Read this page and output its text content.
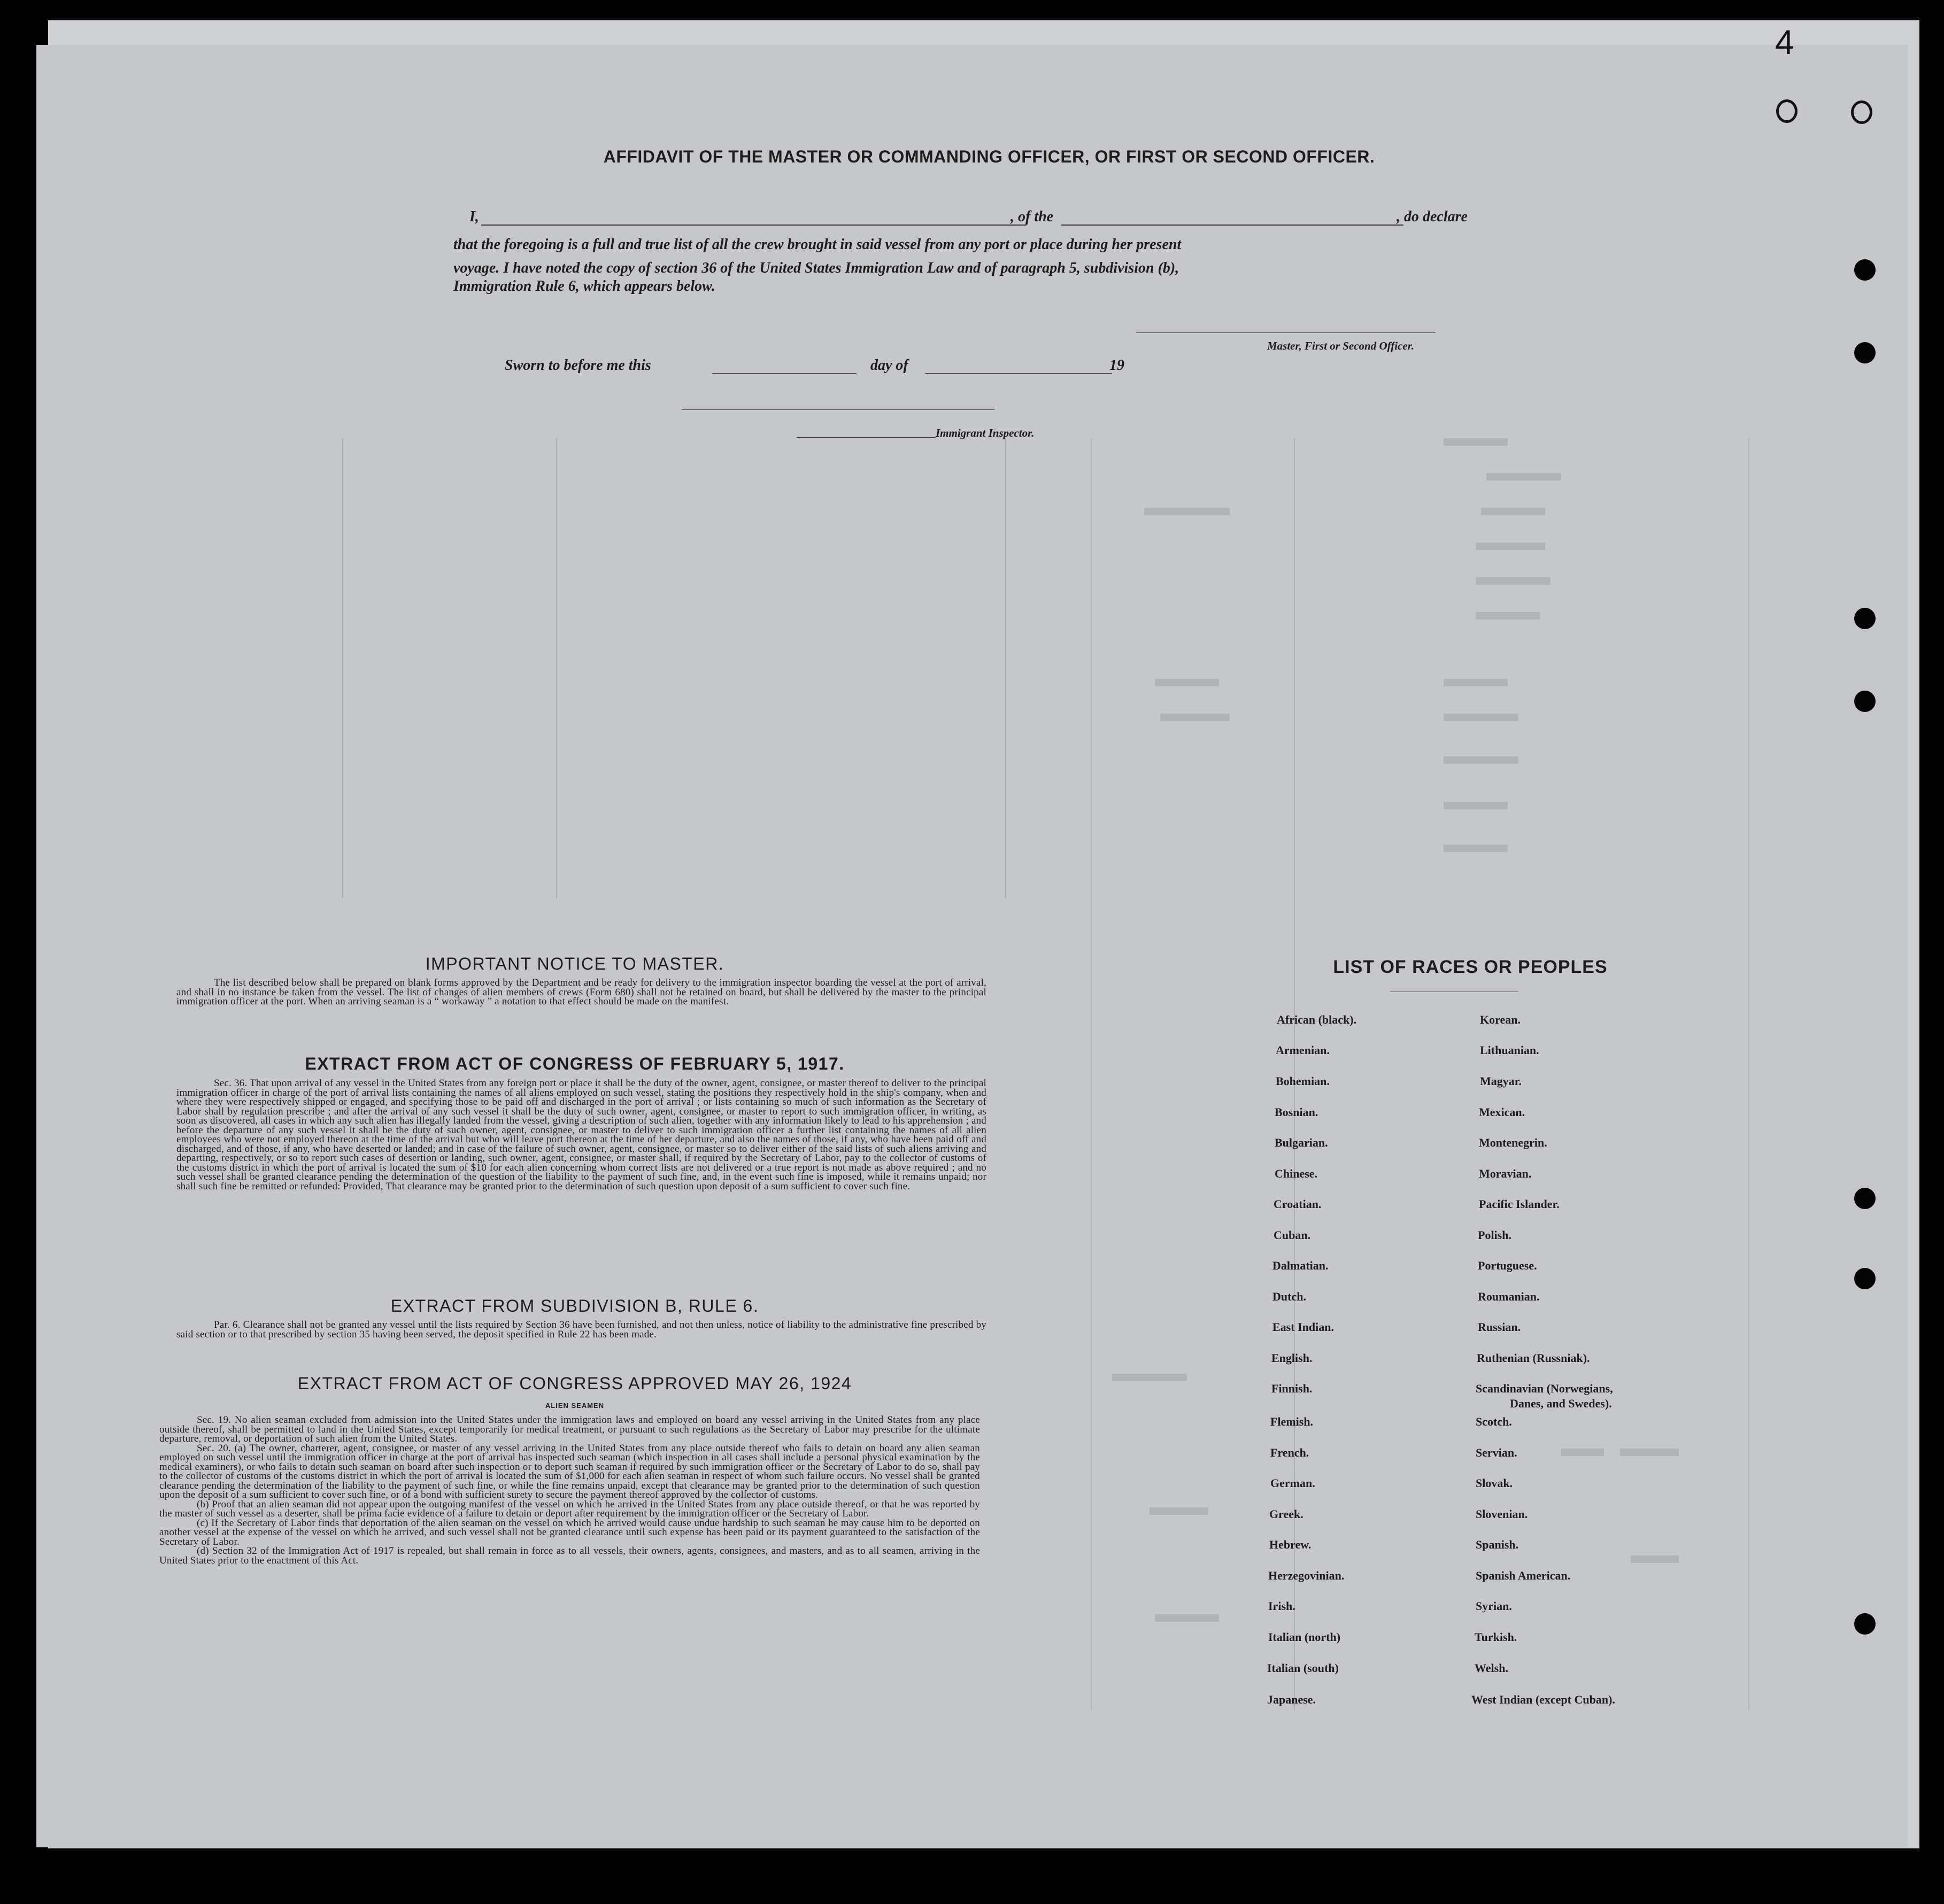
4
AFFIDAVIT OF THE MASTER OR COMMANDING OFFICER, OR FIRST OR SECOND OFFICER.
I,	, of the	, do declare
that the foregoing is a full and true list of all the crew brought in said vessel from any port or place during her present
voyage. I have noted the copy of section 36 of the United States Immigration Law and of paragraph 5, subdivision (b),
Immigration Rule 6, which appears below.
Master, First or Second Officer.
Sworn to before me this	day of	19
Immigrant Inspector.
IMPORTANT NOTICE TO MASTER.

The list described below shall be prepared on blank forms approved by the Department and be ready for delivery to the immigration inspector boarding the vessel at the port of arrival, and shall in no instance be taken from the vessel. The list of changes of alien members of crews (Form 680) shall not be retained on board, but shall be delivered by the master to the principal immigration officer at the port. When an arriving seaman is a “ workaway ” a notation to that effect should be made on the manifest.

EXTRACT FROM ACT OF CONGRESS OF FEBRUARY 5, 1917.

Sec. 36. That upon arrival of any vessel in the United States from any foreign port or place it shall be the duty of the owner, agent, consignee, or master thereof to deliver to the principal immigration officer in charge of the port of arrival lists containing the names of all aliens employed on such vessel, stating the positions they respectively hold in the ship's company, when and where they were respectively shipped or engaged, and specifying those to be paid off and discharged in the port of arrival ; or lists containing so much of such information as the Secretary of Labor shall by regulation prescribe ; and after the arrival of any such vessel it shall be the duty of such owner, agent, consignee, or master to report to such immigration officer, in writing, as soon as discovered, all cases in which any such alien has illegally landed from the vessel, giving a description of such alien, together with any information likely to lead to his apprehension ; and before the departure of any such vessel it shall be the duty of such owner, agent, consignee, or master to deliver to such immigration officer a further list containing the names of all alien employees who were not employed thereon at the time of the arrival but who will leave port thereon at the time of her departure, and also the names of those, if any, who have been paid off and discharged, and of those, if any, who have deserted or landed; and in case of the failure of such owner, agent, consignee, or master so to deliver either of the said lists of such aliens arriving and departing, respectively, or so to report such cases of desertion or landing, such owner, agent, consignee, or master shall, if required by the Secretary of Labor, pay to the collector of customs of the customs district in which the port of arrival is located the sum of $10 for each alien concerning whom correct lists are not delivered or a true report is not made as above required ; and no such vessel shall be granted clearance pending the determination of the question of the liability to the payment of such fine, and, in the event such fine is imposed, while it remains unpaid; nor shall such fine be remitted or refunded: Provided, That clearance may be granted prior to the determination of such question upon deposit of a sum sufficient to cover such fine.

EXTRACT FROM SUBDIVISION B, RULE 6.

Par. 6. Clearance shall not be granted any vessel until the lists required by Section 36 have been furnished, and not then unless, notice of liability to the administrative fine prescribed by said section or to that prescribed by section 35 having been served, the deposit specified in Rule 22 has been made.

EXTRACT FROM ACT OF CONGRESS APPROVED MAY 26, 1924
ALIEN SEAMEN

Sec. 19. No alien seaman excluded from admission into the United States under the immigration laws and employed on board any vessel arriving in the United States from any place outside thereof, shall be permitted to land in the United States, except temporarily for medical treatment, or pursuant to such regulations as the Secretary of Labor may prescribe for the ultimate departure, removal, or deportation of such alien from the United States.

Sec. 20. (a) The owner, charterer, agent, consignee, or master of any vessel arriving in the United States from any place outside thereof who fails to detain on board any alien seaman employed on such vessel until the immigration officer in charge at the port of arrival has inspected such seaman (which inspection in all cases shall include a personal physical examination by the medical examiners), or who fails to detain such seaman on board after such inspection or to deport such seaman if required by such immigration officer or the Secretary of Labor to do so, shall pay to the collector of customs of the customs district in which the port of arrival is located the sum of $1,000 for each alien seaman in respect of whom such failure occurs. No vessel shall be granted clearance pending the determination of the liability to the payment of such fine, or while the fine remains unpaid, except that clearance may be granted prior to the determination of such question upon the deposit of a sum sufficient to cover such fine, or of a bond with sufficient surety to secure the payment thereof approved by the collector of customs.

(b) Proof that an alien seaman did not appear upon the outgoing manifest of the vessel on which he arrived in the United States from any place outside thereof, or that he was reported by the master of such vessel as a deserter, shall be prima facie evidence of a failure to detain or deport after requirement by the immigration officer or the Secretary of Labor.

(c) If the Secretary of Labor finds that deportation of the alien seaman on the vessel on which he arrived would cause undue hardship to such seaman he may cause him to be deported on another vessel at the expense of the vessel on which he arrived, and such vessel shall not be granted clearance until such expense has been paid or its payment guaranteed to the satisfaction of the Secretary of Labor.

(d) Section 32 of the Immigration Act of 1917 is repealed, but shall remain in force as to all vessels, their owners, agents, consignees, and masters, and as to all seamen, arriving in the United States prior to the enactment of this Act.

LIST OF RACES OR PEOPLES
African (black).
Armenian.
Bohemian.
Bosnian.
Bulgarian.
Chinese.
Croatian.
Cuban.
Dalmatian.
Dutch.
East Indian.
English.
Finnish.
Flemish.
French.
German.
Greek.
Hebrew.
Herzegovinian.
Irish.
Italian (north)
Italian (south)
Japanese.
Korean.
Lithuanian.
Magyar.
Mexican.
Montenegrin.
Moravian.
Pacific Islander.
Polish.
Portuguese.
Roumanian.
Russian.
Ruthenian (Russniak).
Scandinavian (Norwegians,
Danes, and Swedes).
Scotch.
Servian.
Slovak.
Slovenian.
Spanish.
Spanish American.
Syrian.
Turkish.
Welsh.
West Indian (except Cuban).
